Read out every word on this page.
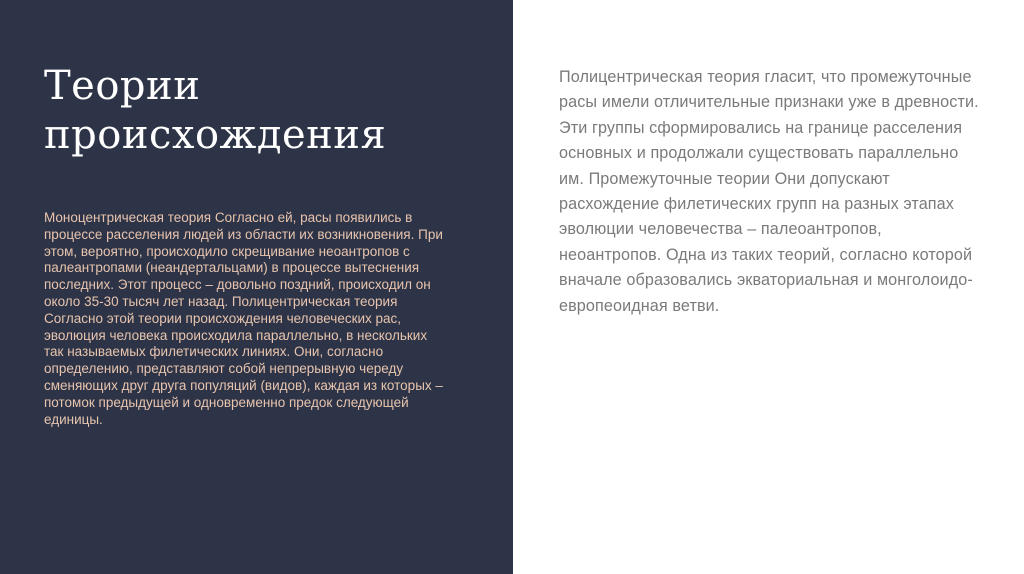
Теории происхождения

Моноцентрическая теория Согласно ей, расы появились в процессе расселения людей из области их возникновения. При этом, вероятно, происходило скрещивание неоантропов с палеантропами (неандертальцами) в процессе вытеснения последних. Этот процесс – довольно поздний, происходил он около 35-30 тысяч лет назад. Полицентрическая теория Согласно этой теории происхождения человеческих рас, эволюция человека происходила параллельно, в нескольких так называемых филетических линиях. Они, согласно определению, представляют собой непрерывную череду сменяющих друг друга популяций (видов), каждая из которых – потомок предыдущей и одновременно предок следующей единицы.

Полицентрическая теория гласит, что промежуточные расы имели отличительные признаки уже в древности. Эти группы сформировались на границе расселения основных и продолжали существовать параллельно им. Промежуточные теории Они допускают расхождение филетических групп на разных этапах эволюции человечества – палеоантропов, неоантропов. Одна из таких теорий, согласно которой вначале образовались экваториальная и монголоидо-европеоидная ветви.
